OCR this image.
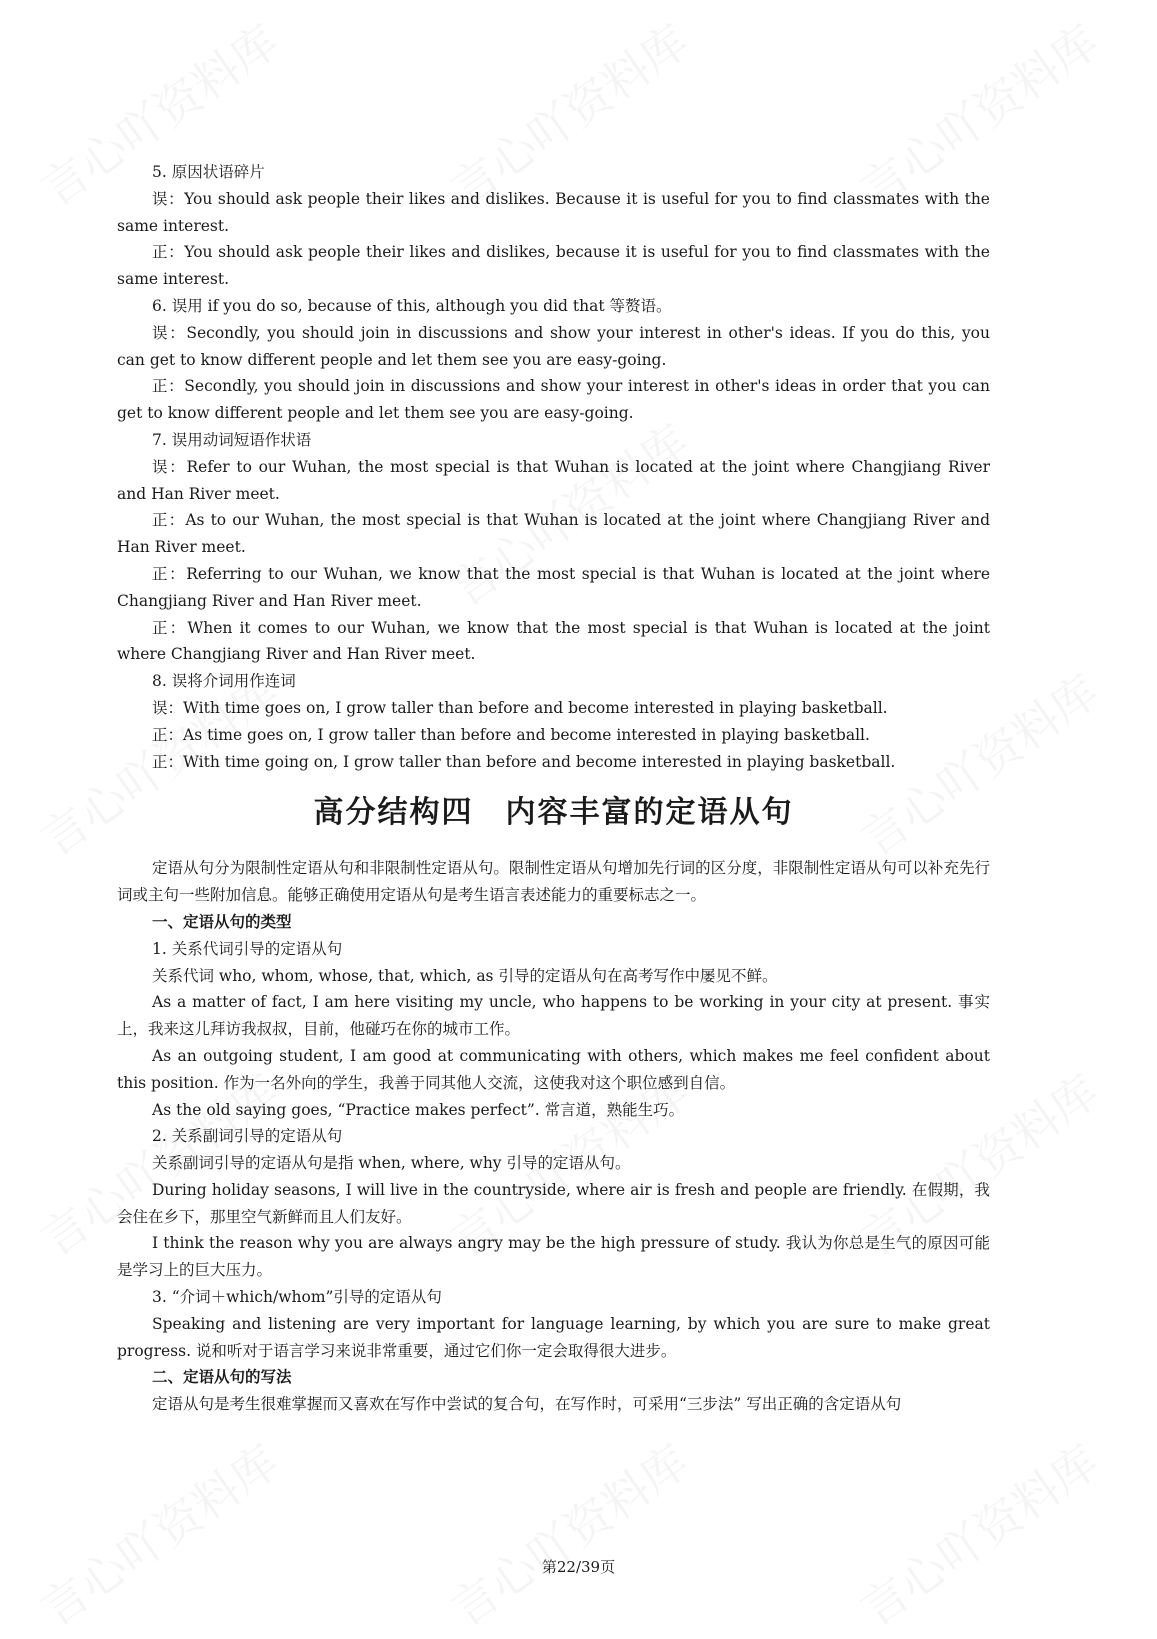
5. 原因状语碎片

误：You should ask people their likes and dislikes. Because it is useful for you to find classmates with the same interest.

正：You should ask people their likes and dislikes, because it is useful for you to find classmates with the same interest.

6. 误用 if you do so, because of this, although you did that 等赘语。

误：Secondly, you should join in discussions and show your interest in other's ideas. If you do this, you can get to know different people and let them see you are easy-going.

正：Secondly, you should join in discussions and show your interest in other's ideas in order that you can get to know different people and let them see you are easy-going.

7. 误用动词短语作状语

误：Refer to our Wuhan, the most special is that Wuhan is located at the joint where Changjiang River and Han River meet.

正：As to our Wuhan, the most special is that Wuhan is located at the joint where Changjiang River and Han River meet.

正：Referring to our Wuhan, we know that the most special is that Wuhan is located at the joint where Changjiang River and Han River meet.

正：When it comes to our Wuhan, we know that the most special is that Wuhan is located at the joint where Changjiang River and Han River meet.

8. 误将介词用作连词

误：With time goes on, I grow taller than before and become interested in playing basketball.

正：As time goes on, I grow taller than before and become interested in playing basketball.

正：With time going on, I grow taller than before and become interested in playing basketball.

高分结构四　内容丰富的定语从句

定语从句分为限制性定语从句和非限制性定语从句。限制性定语从句增加先行词的区分度，非限制性定语从句可以补充先行词或主句一些附加信息。能够正确使用定语从句是考生语言表述能力的重要标志之一。

一、定语从句的类型

1. 关系代词引导的定语从句

关系代词 who, whom, whose, that, which, as 引导的定语从句在高考写作中屡见不鲜。

As a matter of fact, I am here visiting my uncle, who happens to be working in your city at present. 事实上，我来这儿拜访我叔叔，目前，他碰巧在你的城市工作。

As an outgoing student, I am good at communicating with others, which makes me feel confident about this position. 作为一名外向的学生，我善于同其他人交流，这使我对这个职位感到自信。

As the old saying goes, “Practice makes perfect”. 常言道，熟能生巧。

2. 关系副词引导的定语从句

关系副词引导的定语从句是指 when, where, why 引导的定语从句。

During holiday seasons, I will live in the countryside, where air is fresh and people are friendly. 在假期，我会住在乡下，那里空气新鲜而且人们友好。

I think the reason why you are always angry may be the high pressure of study. 我认为你总是生气的原因可能是学习上的巨大压力。

3. “介词＋which/whom”引导的定语从句

Speaking and listening are very important for language learning, by which you are sure to make great progress. 说和听对于语言学习来说非常重要，通过它们你一定会取得很大进步。

二、定语从句的写法

定语从句是考生很难掌握而又喜欢在写作中尝试的复合句，在写作时，可采用“三步法” 写出正确的含定语从句

第22/39页
